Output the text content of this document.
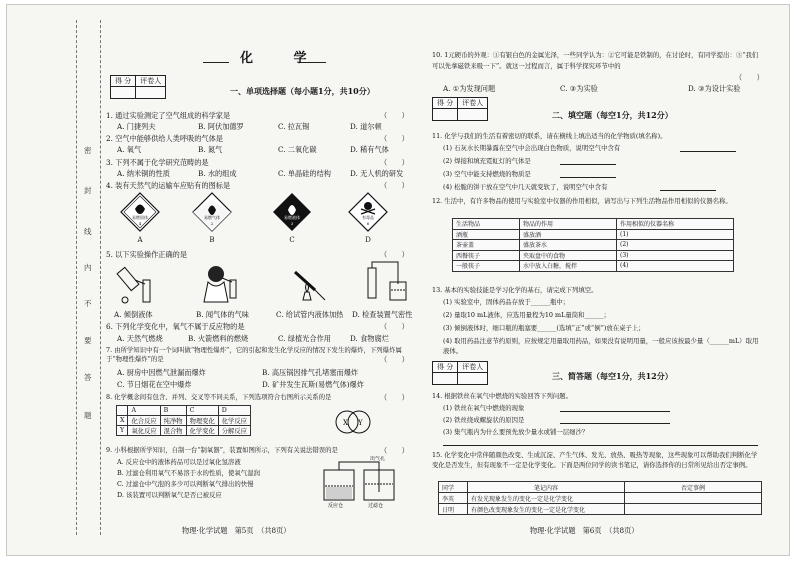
密
封
线
内
不
要
答
题
化 学
得 分	评卷人

一、单项选择题（每小题1分，共10分）
1. 通过实验测定了空气组成的科学家是	（　　）
A. 门捷列夫	B. 阿伏加德罗	C. 拉瓦锡	D. 道尔顿
2. 空气中能够供给人类呼吸的气体是	（　　）
A. 氧气	B. 氮气	C. 二氧化碳	D. 稀有气体
3. 下列不属于化学研究范畴的是	（　　）
A. 纳米铜的性质	B. 水的组成	C. 单晶硅的结构	D. 无人机的研发
4. 装有天然气的运输车应贴有的图标是	（　　）
易燃固体
4
易燃气体
2
易燃液体
3
有毒品
6
A	B	C	D
5. 以下实验操作正确的是	（　　）
A. 倾倒液体	B. 闻气体的气味	C. 给试管内液体加热 D. 检查装置气密性
6. 下列化学变化中，氧气不属于反应物的是	（　　）
A. 天然气燃烧	B. 火箭燃料的燃烧	C. 绿植光合作用	D. 食物腐烂
7. 由所学知识中有一个词叫做“物理性爆炸”，它的引起和发生化学反应的情况下发生的爆炸，下列爆炸属于“物理性爆炸”的是	（　　）
A. 厨房中因燃气泄漏而爆炸	B. 高压锅因排气孔堵塞而爆炸
C. 节日烟花在空中爆炸	D. 矿井发生瓦斯(易燃气体)爆炸
8. 化学概念间有包含、并列、交叉等不同关系，下列选项符合右图所示关系的是	（　　）
	A	B	C	D
X	化合反应	纯净物	物理变化	化学反应
Y	氧化反应	混合物	化学变化	分解反应
X Y
9. 小科根据所学知识，自制一台“制氧器”，装置如图所示，下列有关说法错误的是	（　　）
A. 反应仓中的液体药品可以是过氧化氢溶液
B. 过滤仓利用氧气不易溶于水的性质，使氧气湿润
C. 过滤仓中气泡的多少可以判断氧气排出的快慢
D. 该装置可以判断氧气是否已被反应
出气孔
反应仓	过滤仓
物理·化学试题　第5页　（共8页）
10. 1元硬币的外观：①有银白色的金属光泽，一些同学认为：②它可能是铁制的，在讨论时，有同学提出：③“我们可以先拿磁铁来吸一下”。就这一过程而言，属于科学探究环节中的
（　　）
A. ①为发现问题	C. ③为实验	D. ③为设计实验
得 分	评卷人

二、填空题（每空1分，共12分）
11. 化学与我们的生活有着密切的联系，请在横线上填出适当的化学物质(填名称)。
(1) 石灰水长期暴露在空气中会出现白色物质，说明空气中含有
(2) 焊接和填充霓虹灯的气体是
(3) 空气中能支持燃烧的物质是
(4) 松脆的饼干放在空气中几天就变软了，说明空气中含有
12. 生活中，有许多物品的使用与实验室中仪器的作用相似，请写出与下列生活物品作用相似的仪器名称。
生活物品	物品的作用	作用相似的仪器名称
酒瓶	盛放酒	(1)
茶壶盖	盛放茶水	(2)
西餐筷子	夹取盘中的食物	(3)
一般筷子	水中放入白糖，搅拌	(4)
13. 基本的实验技能是学习化学的基石，请完成下列填空。
(1) 实验室中，固体药品存放于______瓶中；
(2) 量取10 mL液体，应选用量程为10 mL量筒和______；
(3) 倾倒液体时，细口瓶的瓶塞要______(选填“正”或“倒”)放在桌子上；
(4) 取用药品注意节约原则，应按规定用量取用药品，如果没有说明用量，一般应该按最少量（______mL）取用液体。
得 分	评卷人

三、简答题（每空1分，共12分）
14. 根据铁丝在氧气中燃烧的实验回答下列问题。
(1) 铁丝在氧气中燃烧的现象
(2) 铁丝绕成螺旋状的原因是
(3) 集气瓶内为什么要预先放少量水或铺一层细沙？
15. 化学变化中常伴随颜色改变、生成沉淀、产生气体、发光、放热、吸热等现象，这些现象可以帮助我们判断化学变化是否发生，但有现象不一定是化学变化。下面是两位同学的读书笔记，请你选择你的日常所见给出否定事例。
同学	笔记内容	否定事例
李英	有发光现象发生的变化一定是化学变化	
日明	有颜色改变现象发生的变化一定是化学变化	
物理·化学试题　第6页　（共8页）
